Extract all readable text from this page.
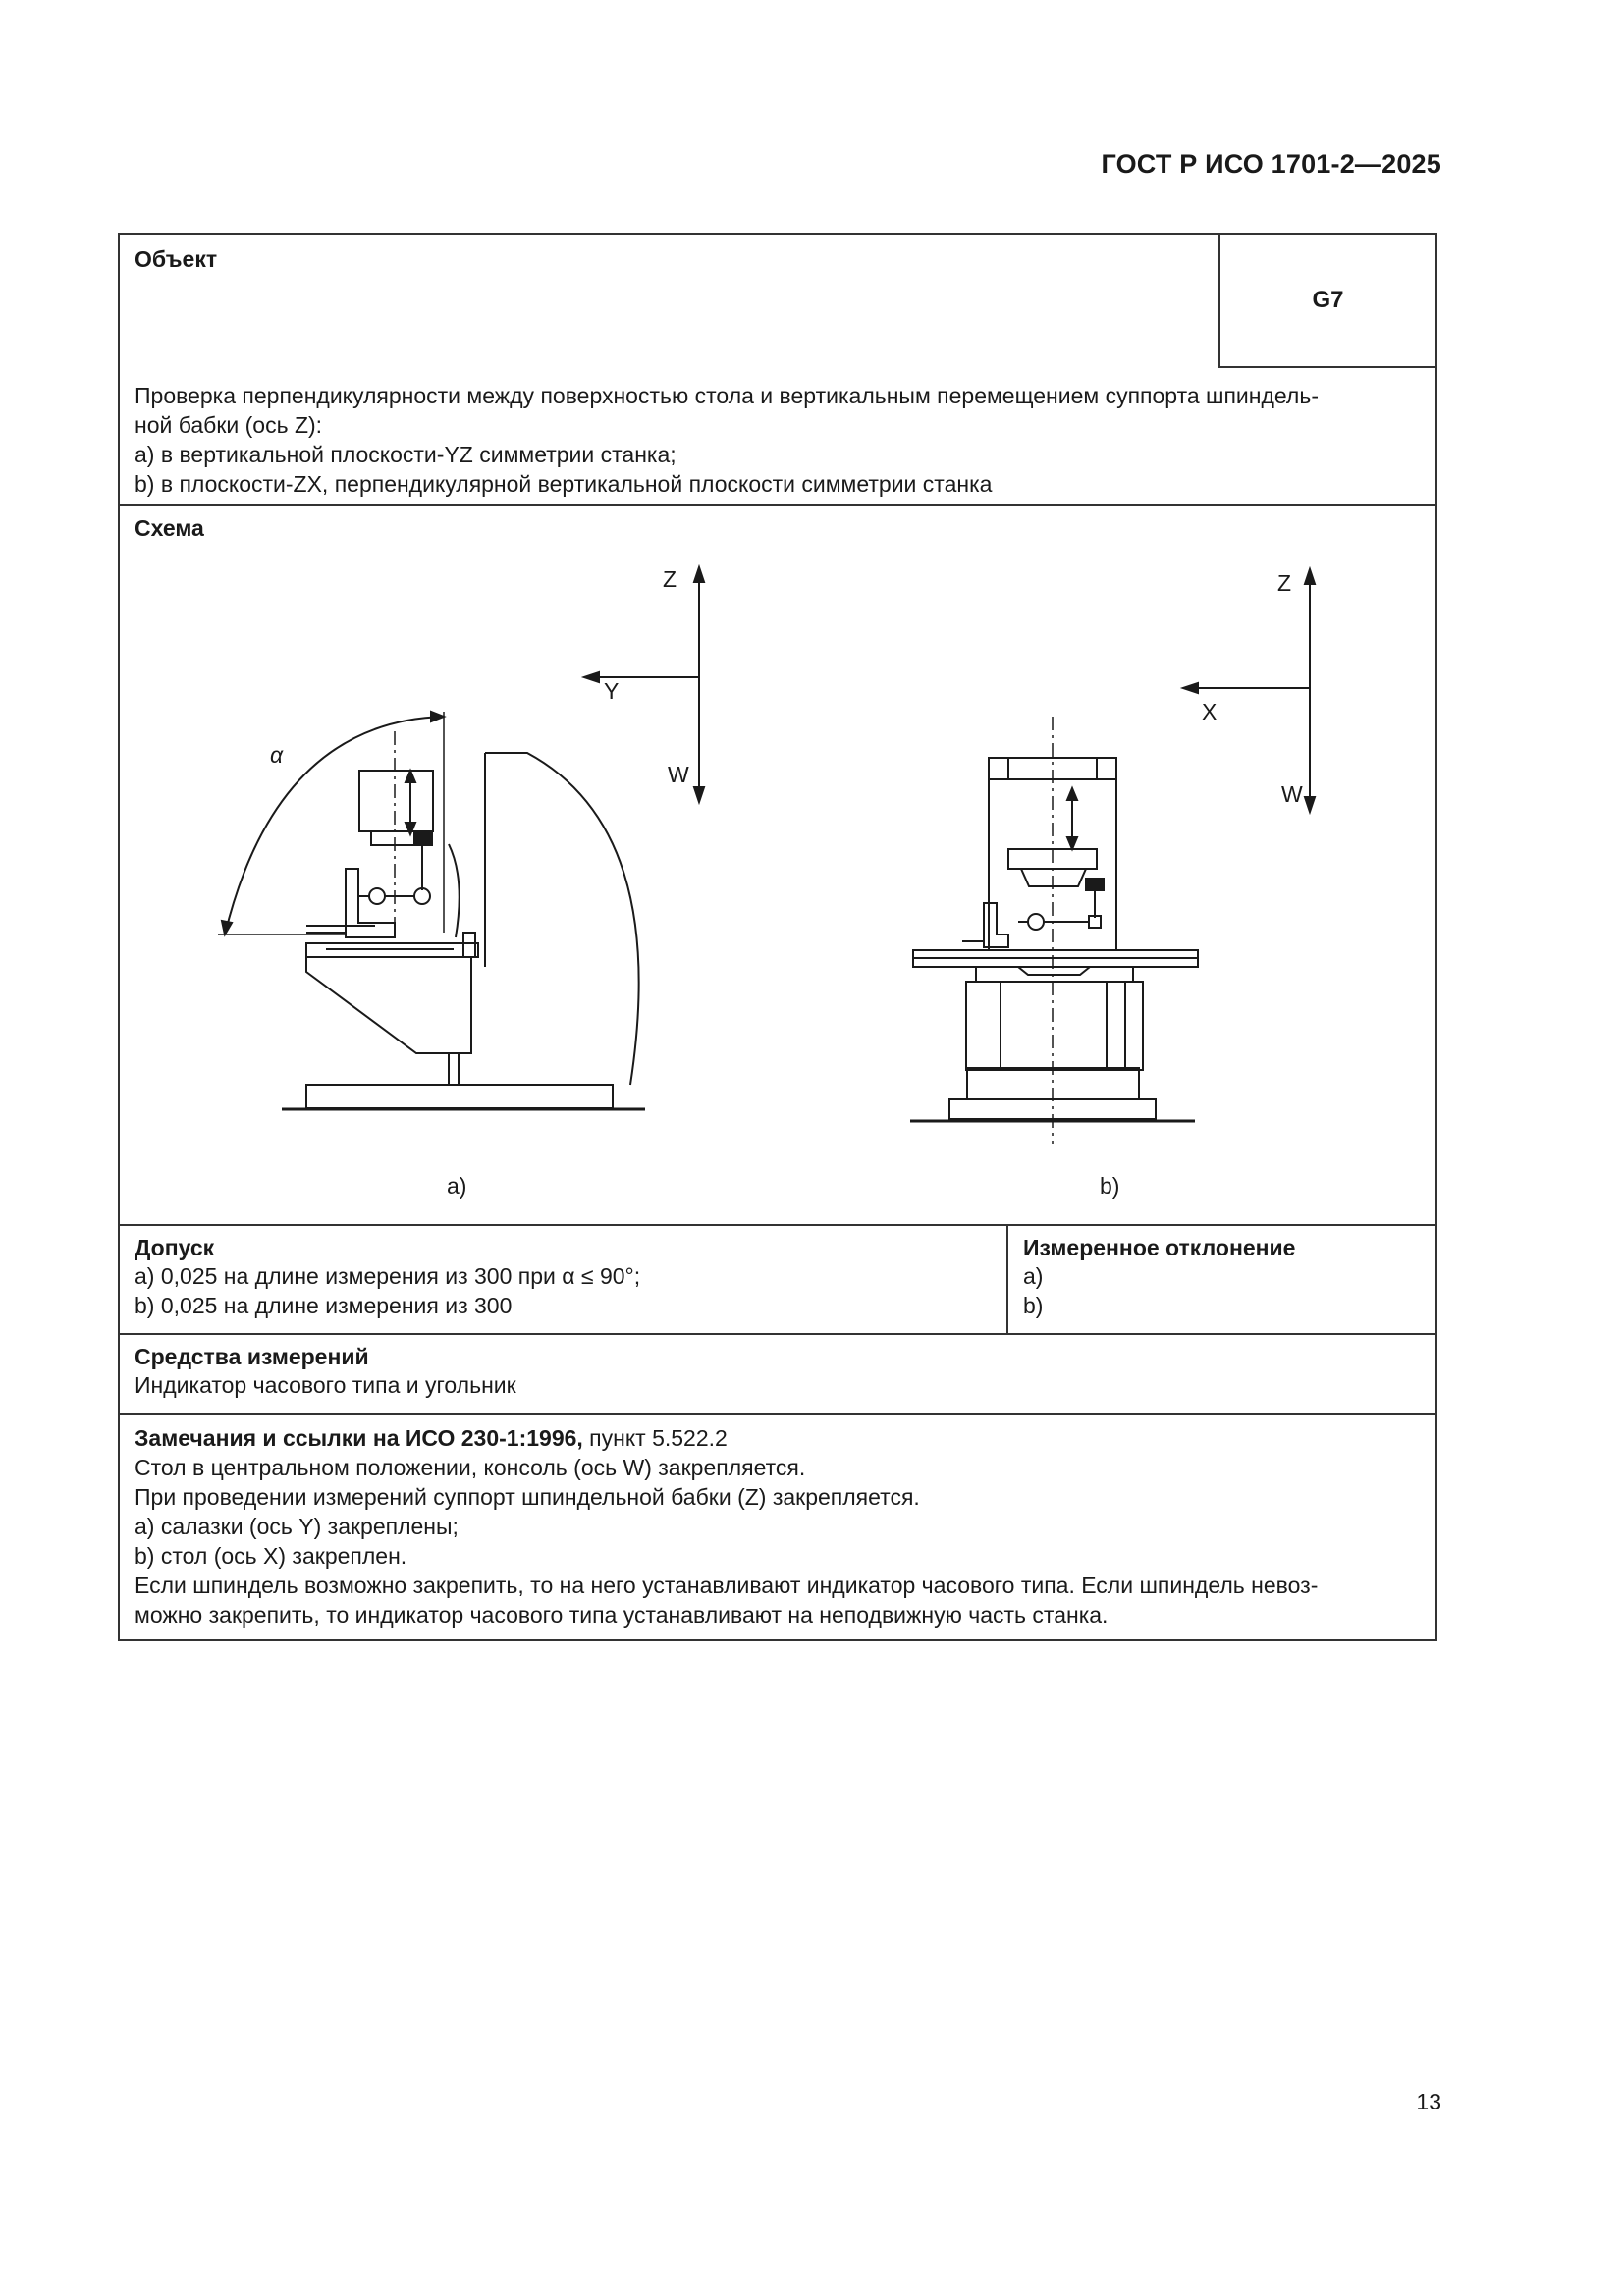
ГОСТ Р ИСО 1701-2—2025
Объект
G7
Проверка перпендикулярности между поверхностью стола и вертикальным перемещением суппорта шпиндель-
ной бабки (ось Z):
a) в вертикальной плоскости-YZ симметрии станка;
b) в плоскости-ZX, перпендикулярной вертикальной плоскости симметрии станка
Схема
Z
Y
W
α
a)
Z
X
W
b)
Допуск
a) 0,025 на длине измерения из 300 при α ≤ 90°;
b) 0,025 на длине измерения из 300
Измеренное отклонение
a)
b)
Средства измерений
Индикатор часового типа и угольник
Замечания и ссылки на ИСО 230-1:1996, пункт 5.522.2
Стол в центральном положении, консоль (ось W) закрепляется.
При проведении измерений суппорт шпиндельной бабки (Z) закрепляется.
a) салазки (ось Y) закреплены;
b) стол (ось X) закреплен.
Если шпиндель возможно закрепить, то на него устанавливают индикатор часового типа. Если шпиндель невоз-
можно закрепить, то индикатор часового типа устанавливают на неподвижную часть станка.
13
